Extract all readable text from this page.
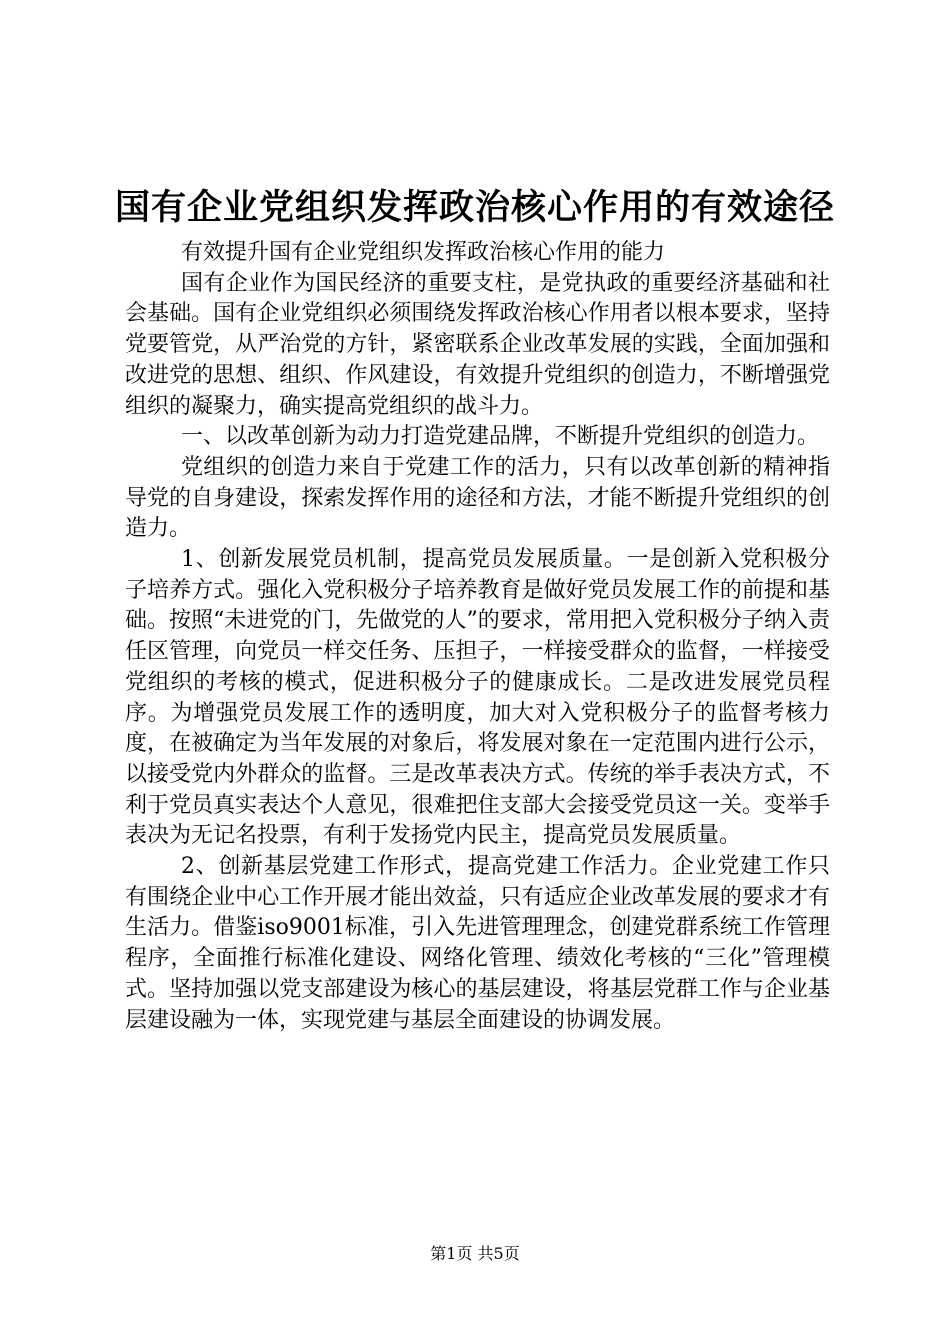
国有企业党组织发挥政治核心作用的有效途径

有效提升国有企业党组织发挥政治核心作用的能力

国有企业作为国民经济的重要支柱，是党执政的重要经济基础和社会基础。国有企业党组织必须围绕发挥政治核心作用者以根本要求，坚持党要管党，从严治党的方针，紧密联系企业改革发展的实践，全面加强和改进党的思想、组织、作风建设，有效提升党组织的创造力，不断增强党组织的凝聚力，确实提高党组织的战斗力。

一、以改革创新为动力打造党建品牌，不断提升党组织的创造力。

党组织的创造力来自于党建工作的活力，只有以改革创新的精神指导党的自身建设，探索发挥作用的途径和方法，才能不断提升党组织的创造力。

1、创新发展党员机制，提高党员发展质量。一是创新入党积极分子培养方式。强化入党积极分子培养教育是做好党员发展工作的前提和基础。按照“未进党的门，先做党的人”的要求，常用把入党积极分子纳入责任区管理，向党员一样交任务、压担子，一样接受群众的监督，一样接受党组织的考核的模式，促进积极分子的健康成长。二是改进发展党员程序。为增强党员发展工作的透明度，加大对入党积极分子的监督考核力度，在被确定为当年发展的对象后，将发展对象在一定范围内进行公示，以接受党内外群众的监督。三是改革表决方式。传统的举手表决方式，不利于党员真实表达个人意见，很难把住支部大会接受党员这一关。变举手表决为无记名投票，有利于发扬党内民主，提高党员发展质量。

2、创新基层党建工作形式，提高党建工作活力。企业党建工作只有围绕企业中心工作开展才能出效益，只有适应企业改革发展的要求才有生活力。借鉴iso9001标准，引入先进管理理念，创建党群系统工作管理程序，全面推行标准化建设、网络化管理、绩效化考核的“三化”管理模式。坚持加强以党支部建设为核心的基层建设，将基层党群工作与企业基层建设融为一体，实现党建与基层全面建设的协调发展。

第1页 共5页
